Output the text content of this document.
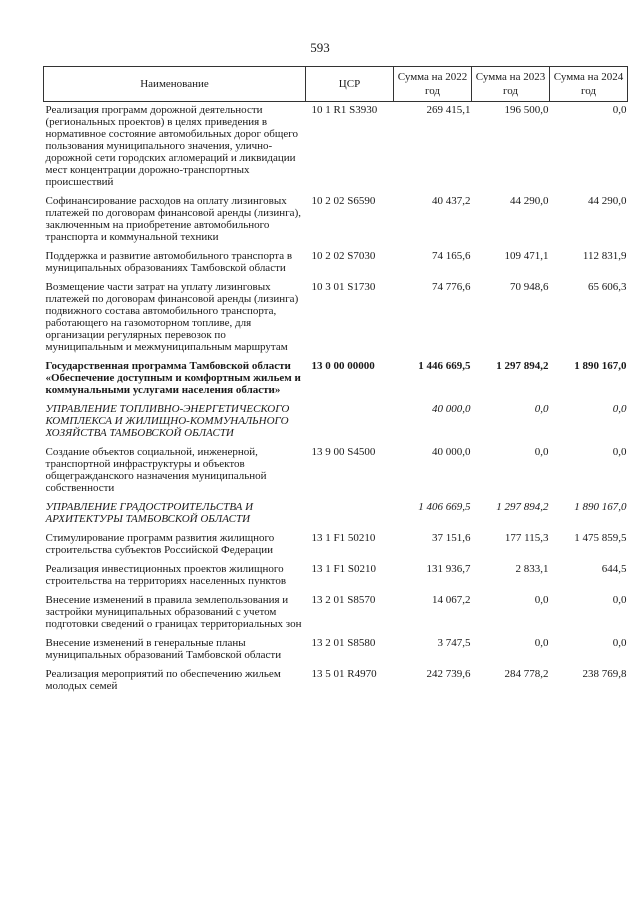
593
Наименование	ЦСР	Сумма на 2022 год	Сумма на 2023 год	Сумма на 2024 год
Реализация программ дорожной деятельности (региональных проектов) в целях приведения в нормативное состояние автомобильных дорог общего пользования муниципального значения, улично-дорожной сети городских агломераций и ликвидации мест концентрации дорожно-транспортных происшествий	10 1 R1 S3930	269 415,1	196 500,0	0,0
Софинансирование расходов на оплату лизинговых платежей по договорам финансовой аренды (лизинга), заключенным на приобретение автомобильного транспорта и коммунальной техники	10 2 02 S6590	40 437,2	44 290,0	44 290,0
Поддержка и развитие автомобильного транспорта в муниципальных образованиях Тамбовской области	10 2 02 S7030	74 165,6	109 471,1	112 831,9
Возмещение части затрат на уплату лизинговых платежей по договорам финансовой аренды (лизинга) подвижного состава автомобильного транспорта, работающего на газомоторном топливе, для организации регулярных перевозок по муниципальным и межмуниципальным маршрутам	10 3 01 S1730	74 776,6	70 948,6	65 606,3
Государственная программа Тамбовской области «Обеспечение доступным и комфортным жильем и коммунальными услугами населения области»	13 0 00 00000	1 446 669,5	1 297 894,2	1 890 167,0
УПРАВЛЕНИЕ ТОПЛИВНО-ЭНЕРГЕТИЧЕСКОГО КОМПЛЕКСА И ЖИЛИЩНО-КОММУНАЛЬНОГО ХОЗЯЙСТВА ТАМБОВСКОЙ ОБЛАСТИ		40 000,0	0,0	0,0
Создание объектов социальной, инженерной, транспортной инфраструктуры и объектов общегражданского назначения муниципальной собственности	13 9 00 S4500	40 000,0	0,0	0,0
УПРАВЛЕНИЕ ГРАДОСТРОИТЕЛЬСТВА И АРХИТЕКТУРЫ ТАМБОВСКОЙ ОБЛАСТИ		1 406 669,5	1 297 894,2	1 890 167,0
Стимулирование программ развития жилищного строительства субъектов Российской Федерации	13 1 F1 50210	37 151,6	177 115,3	1 475 859,5
Реализация инвестиционных проектов жилищного строительства на территориях населенных пунктов	13 1 F1 S0210	131 936,7	2 833,1	644,5
Внесение изменений в правила землепользования и застройки муниципальных образований с учетом подготовки сведений о границах территориальных зон	13 2 01 S8570	14 067,2	0,0	0,0
Внесение изменений в генеральные планы муниципальных образований Тамбовской области	13 2 01 S8580	3 747,5	0,0	0,0
Реализация мероприятий по обеспечению жильем молодых семей	13 5 01 R4970	242 739,6	284 778,2	238 769,8
